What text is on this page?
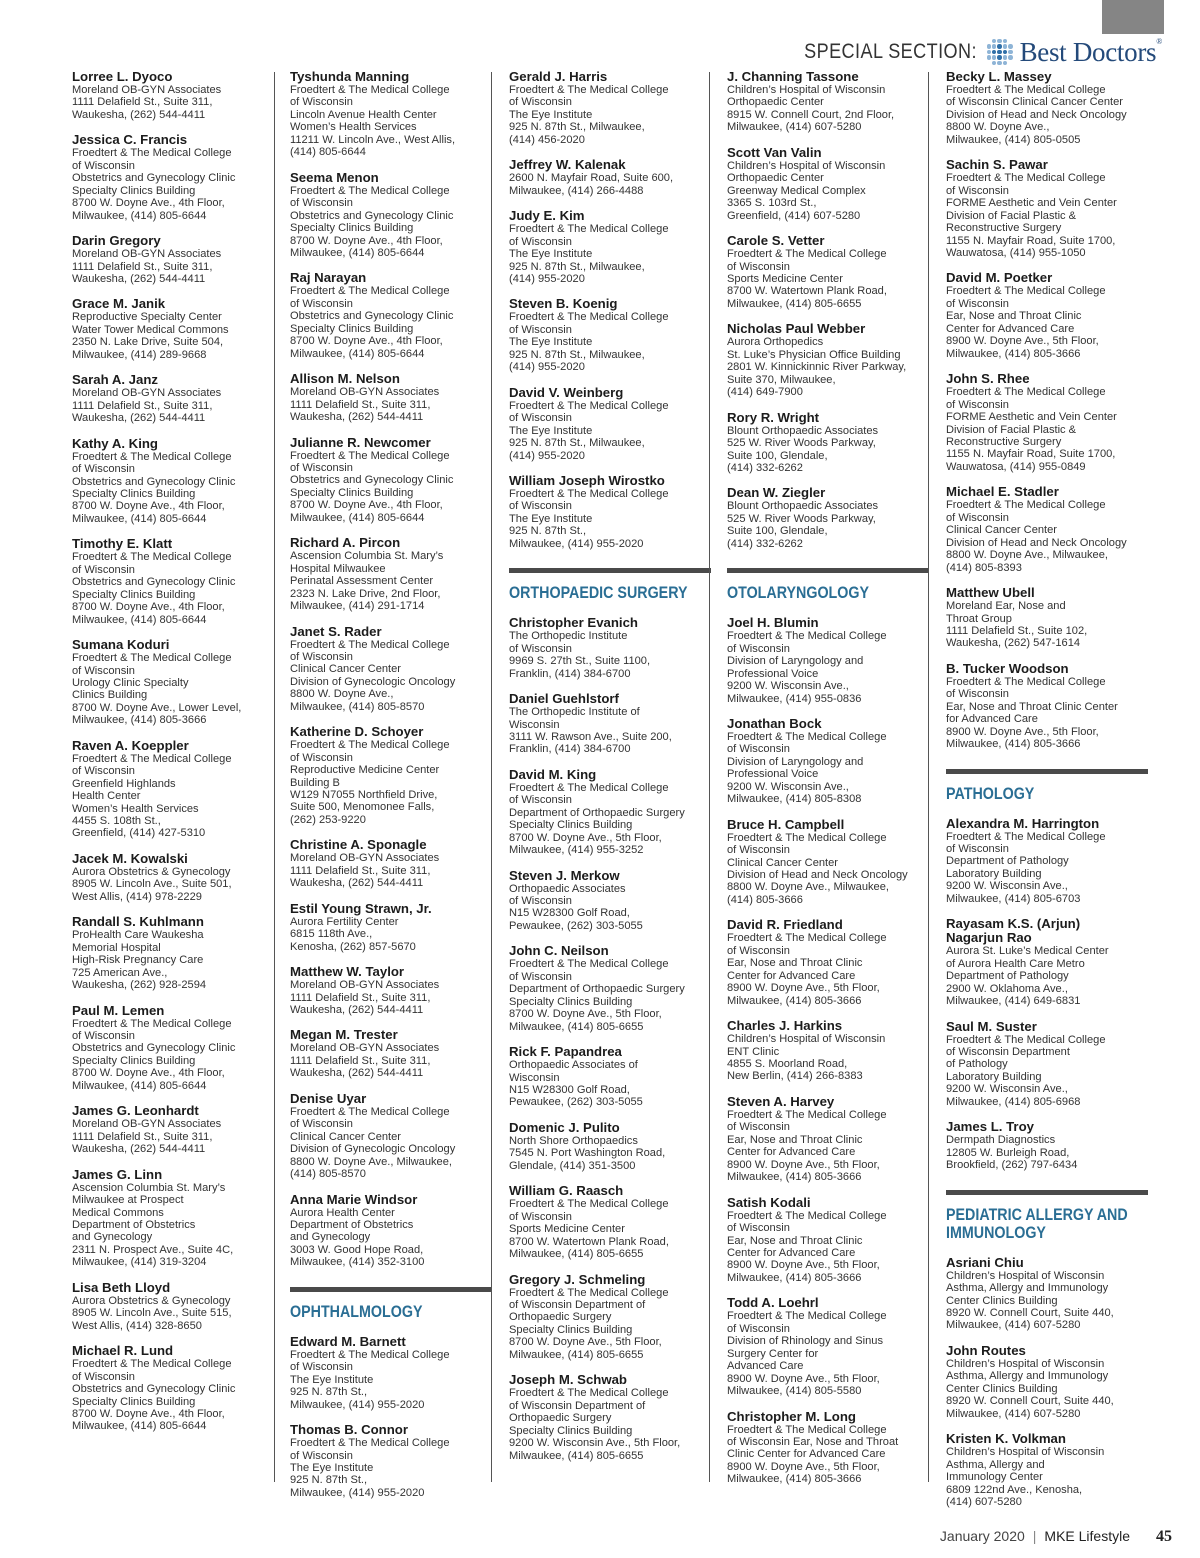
SPECIAL SECTION: Best Doctors®
Lorree L. Dyoco
Moreland OB-GYN Associates
1111 Delafield St., Suite 311,
Waukesha, (262) 544-4411
Jessica C. Francis
Froedtert & The Medical College
of Wisconsin
Obstetrics and Gynecology Clinic
Specialty Clinics Building
8700 W. Doyne Ave., 4th Floor,
Milwaukee, (414) 805-6644
Darin Gregory
Moreland OB-GYN Associates
1111 Delafield St., Suite 311,
Waukesha, (262) 544-4411
Grace M. Janik
Reproductive Specialty Center
Water Tower Medical Commons
2350 N. Lake Drive, Suite 504,
Milwaukee, (414) 289-9668
Sarah A. Janz
Moreland OB-GYN Associates
1111 Delafield St., Suite 311,
Waukesha, (262) 544-4411
Kathy A. King
Froedtert & The Medical College
of Wisconsin
Obstetrics and Gynecology Clinic
Specialty Clinics Building
8700 W. Doyne Ave., 4th Floor,
Milwaukee, (414) 805-6644
Timothy E. Klatt
Froedtert & The Medical College
of Wisconsin
Obstetrics and Gynecology Clinic
Specialty Clinics Building
8700 W. Doyne Ave., 4th Floor,
Milwaukee, (414) 805-6644
Sumana Koduri
Froedtert & The Medical College
of Wisconsin
Urology Clinic Specialty
Clinics Building
8700 W. Doyne Ave., Lower Level,
Milwaukee, (414) 805-3666
Raven A. Koeppler
Froedtert & The Medical College
of Wisconsin
Greenfield Highlands
Health Center
Women’s Health Services
4455 S. 108th St.,
Greenfield, (414) 427-5310
Jacek M. Kowalski
Aurora Obstetrics & Gynecology
8905 W. Lincoln Ave., Suite 501,
West Allis, (414) 978-2229
Randall S. Kuhlmann
ProHealth Care Waukesha
Memorial Hospital
High-Risk Pregnancy Care
725 American Ave.,
Waukesha, (262) 928-2594
Paul M. Lemen
Froedtert & The Medical College
of Wisconsin
Obstetrics and Gynecology Clinic
Specialty Clinics Building
8700 W. Doyne Ave., 4th Floor,
Milwaukee, (414) 805-6644
James G. Leonhardt
Moreland OB-GYN Associates
1111 Delafield St., Suite 311,
Waukesha, (262) 544-4411
James G. Linn
Ascension Columbia St. Mary’s
Milwaukee at Prospect
Medical Commons
Department of Obstetrics
and Gynecology
2311 N. Prospect Ave., Suite 4C,
Milwaukee, (414) 319-3204
Lisa Beth Lloyd
Aurora Obstetrics & Gynecology
8905 W. Lincoln Ave., Suite 515,
West Allis, (414) 328-8650
Michael R. Lund
Froedtert & The Medical College
of Wisconsin
Obstetrics and Gynecology Clinic
Specialty Clinics Building
8700 W. Doyne Ave., 4th Floor,
Milwaukee, (414) 805-6644
Tyshunda Manning
Froedtert & The Medical College
of Wisconsin
Lincoln Avenue Health Center
Women’s Health Services
11211 W. Lincoln Ave., West Allis,
(414) 805-6644
Seema Menon
Froedtert & The Medical College
of Wisconsin
Obstetrics and Gynecology Clinic
Specialty Clinics Building
8700 W. Doyne Ave., 4th Floor,
Milwaukee, (414) 805-6644
Raj Narayan
Froedtert & The Medical College
of Wisconsin
Obstetrics and Gynecology Clinic
Specialty Clinics Building
8700 W. Doyne Ave., 4th Floor,
Milwaukee, (414) 805-6644
Allison M. Nelson
Moreland OB-GYN Associates
1111 Delafield St., Suite 311,
Waukesha, (262) 544-4411
Julianne R. Newcomer
Froedtert & The Medical College
of Wisconsin
Obstetrics and Gynecology Clinic
Specialty Clinics Building
8700 W. Doyne Ave., 4th Floor,
Milwaukee, (414) 805-6644
Richard A. Pircon
Ascension Columbia St. Mary’s
Hospital Milwaukee
Perinatal Assessment Center
2323 N. Lake Drive, 2nd Floor,
Milwaukee, (414) 291-1714
Janet S. Rader
Froedtert & The Medical College
of Wisconsin
Clinical Cancer Center
Division of Gynecologic Oncology
8800 W. Doyne Ave.,
Milwaukee, (414) 805-8570
Katherine D. Schoyer
Froedtert & The Medical College
of Wisconsin
Reproductive Medicine Center
Building B
W129 N7055 Northfield Drive,
Suite 500, Menomonee Falls,
(262) 253-9220
Christine A. Sponagle
Moreland OB-GYN Associates
1111 Delafield St., Suite 311,
Waukesha, (262) 544-4411
Estil Young Strawn, Jr.
Aurora Fertility Center
6815 118th Ave.,
Kenosha, (262) 857-5670
Matthew W. Taylor
Moreland OB-GYN Associates
1111 Delafield St., Suite 311,
Waukesha, (262) 544-4411
Megan M. Trester
Moreland OB-GYN Associates
1111 Delafield St., Suite 311,
Waukesha, (262) 544-4411
Denise Uyar
Froedtert & The Medical College
of Wisconsin
Clinical Cancer Center
Division of Gynecologic Oncology
8800 W. Doyne Ave., Milwaukee,
(414) 805-8570
Anna Marie Windsor
Aurora Health Center
Department of Obstetrics
and Gynecology
3003 W. Good Hope Road,
Milwaukee, (414) 352-3100
OPHTHALMOLOGY
Edward M. Barnett
Froedtert & The Medical College
of Wisconsin
The Eye Institute
925 N. 87th St.,
Milwaukee, (414) 955-2020
Thomas B. Connor
Froedtert & The Medical College
of Wisconsin
The Eye Institute
925 N. 87th St.,
Milwaukee, (414) 955-2020
Gerald J. Harris
Froedtert & The Medical College
of Wisconsin
The Eye Institute
925 N. 87th St., Milwaukee,
(414) 456-2020
Jeffrey W. Kalenak
2600 N. Mayfair Road, Suite 600,
Milwaukee, (414) 266-4488
Judy E. Kim
Froedtert & The Medical College
of Wisconsin
The Eye Institute
925 N. 87th St., Milwaukee,
(414) 955-2020
Steven B. Koenig
Froedtert & The Medical College
of Wisconsin
The Eye Institute
925 N. 87th St., Milwaukee,
(414) 955-2020
David V. Weinberg
Froedtert & The Medical College
of Wisconsin
The Eye Institute
925 N. 87th St., Milwaukee,
(414) 955-2020
William Joseph Wirostko
Froedtert & The Medical College
of Wisconsin
The Eye Institute
925 N. 87th St.,
Milwaukee, (414) 955-2020
ORTHOPAEDIC SURGERY
Christopher Evanich
The Orthopedic Institute
of Wisconsin
9969 S. 27th St., Suite 1100,
Franklin, (414) 384-6700
Daniel Guehlstorf
The Orthopedic Institute of
Wisconsin
3111 W. Rawson Ave., Suite 200,
Franklin, (414) 384-6700
David M. King
Froedtert & The Medical College
of Wisconsin
Department of Orthopaedic Surgery
Specialty Clinics Building
8700 W. Doyne Ave., 5th Floor,
Milwaukee, (414) 955-3252
Steven J. Merkow
Orthopaedic Associates
of Wisconsin
N15 W28300 Golf Road,
Pewaukee, (262) 303-5055
John C. Neilson
Froedtert & The Medical College
of Wisconsin
Department of Orthopaedic Surgery
Specialty Clinics Building
8700 W. Doyne Ave., 5th Floor,
Milwaukee, (414) 805-6655
Rick F. Papandrea
Orthopaedic Associates of
Wisconsin
N15 W28300 Golf Road,
Pewaukee, (262) 303-5055
Domenic J. Pulito
North Shore Orthopaedics
7545 N. Port Washington Road,
Glendale, (414) 351-3500
William G. Raasch
Froedtert & The Medical College
of Wisconsin
Sports Medicine Center
8700 W. Watertown Plank Road,
Milwaukee, (414) 805-6655
Gregory J. Schmeling
Froedtert & The Medical College
of Wisconsin Department of
Orthopaedic Surgery
Specialty Clinics Building
8700 W. Doyne Ave., 5th Floor,
Milwaukee, (414) 805-6655
Joseph M. Schwab
Froedtert & The Medical College
of Wisconsin Department of
Orthopaedic Surgery
Specialty Clinics Building
9200 W. Wisconsin Ave., 5th Floor,
Milwaukee, (414) 805-6655
J. Channing Tassone
Children’s Hospital of Wisconsin
Orthopaedic Center
8915 W. Connell Court, 2nd Floor,
Milwaukee, (414) 607-5280
Scott Van Valin
Children’s Hospital of Wisconsin
Orthopaedic Center
Greenway Medical Complex
3365 S. 103rd St.,
Greenfield, (414) 607-5280
Carole S. Vetter
Froedtert & The Medical College
of Wisconsin
Sports Medicine Center
8700 W. Watertown Plank Road,
Milwaukee, (414) 805-6655
Nicholas Paul Webber
Aurora Orthopedics
St. Luke’s Physician Office Building
2801 W. Kinnickinnic River Parkway,
Suite 370, Milwaukee,
(414) 649-7900
Rory R. Wright
Blount Orthopaedic Associates
525 W. River Woods Parkway,
Suite 100, Glendale,
(414) 332-6262
Dean W. Ziegler
Blount Orthopaedic Associates
525 W. River Woods Parkway,
Suite 100, Glendale,
(414) 332-6262
OTOLARYNGOLOGY
Joel H. Blumin
Froedtert & The Medical College
of Wisconsin
Division of Laryngology and
Professional Voice
9200 W. Wisconsin Ave.,
Milwaukee, (414) 955-0836
Jonathan Bock
Froedtert & The Medical College
of Wisconsin
Division of Laryngology and
Professional Voice
9200 W. Wisconsin Ave.,
Milwaukee, (414) 805-8308
Bruce H. Campbell
Froedtert & The Medical College
of Wisconsin
Clinical Cancer Center
Division of Head and Neck Oncology
8800 W. Doyne Ave., Milwaukee,
(414) 805-3666
David R. Friedland
Froedtert & The Medical College
of Wisconsin
Ear, Nose and Throat Clinic
Center for Advanced Care
8900 W. Doyne Ave., 5th Floor,
Milwaukee, (414) 805-3666
Charles J. Harkins
Children’s Hospital of Wisconsin
ENT Clinic
4855 S. Moorland Road,
New Berlin, (414) 266-8383
Steven A. Harvey
Froedtert & The Medical College
of Wisconsin
Ear, Nose and Throat Clinic
Center for Advanced Care
8900 W. Doyne Ave., 5th Floor,
Milwaukee, (414) 805-3666
Satish Kodali
Froedtert & The Medical College
of Wisconsin
Ear, Nose and Throat Clinic
Center for Advanced Care
8900 W. Doyne Ave., 5th Floor,
Milwaukee, (414) 805-3666
Todd A. Loehrl
Froedtert & The Medical College
of Wisconsin
Division of Rhinology and Sinus
Surgery Center for
Advanced Care
8900 W. Doyne Ave., 5th Floor,
Milwaukee, (414) 805-5580
Christopher M. Long
Froedtert & The Medical College
of Wisconsin Ear, Nose and Throat
Clinic Center for Advanced Care
8900 W. Doyne Ave., 5th Floor,
Milwaukee, (414) 805-3666
Becky L. Massey
Froedtert & The Medical College
of Wisconsin Clinical Cancer Center
Division of Head and Neck Oncology
8800 W. Doyne Ave.,
Milwaukee, (414) 805-0505
Sachin S. Pawar
Froedtert & The Medical College
of Wisconsin
FORME Aesthetic and Vein Center
Division of Facial Plastic &
Reconstructive Surgery
1155 N. Mayfair Road, Suite 1700,
Wauwatosa, (414) 955-1050
David M. Poetker
Froedtert & The Medical College
of Wisconsin
Ear, Nose and Throat Clinic
Center for Advanced Care
8900 W. Doyne Ave., 5th Floor,
Milwaukee, (414) 805-3666
John S. Rhee
Froedtert & The Medical College
of Wisconsin
FORME Aesthetic and Vein Center
Division of Facial Plastic &
Reconstructive Surgery
1155 N. Mayfair Road, Suite 1700,
Wauwatosa, (414) 955-0849
Michael E. Stadler
Froedtert & The Medical College
of Wisconsin
Clinical Cancer Center
Division of Head and Neck Oncology
8800 W. Doyne Ave., Milwaukee,
(414) 805-8393
Matthew Ubell
Moreland Ear, Nose and
Throat Group
1111 Delafield St., Suite 102,
Waukesha, (262) 547-1614
B. Tucker Woodson
Froedtert & The Medical College
of Wisconsin
Ear, Nose and Throat Clinic Center
for Advanced Care
8900 W. Doyne Ave., 5th Floor,
Milwaukee, (414) 805-3666
PATHOLOGY
Alexandra M. Harrington
Froedtert & The Medical College
of Wisconsin
Department of Pathology
Laboratory Building
9200 W. Wisconsin Ave.,
Milwaukee, (414) 805-6703
Rayasam K.S. (Arjun) Nagarjun Rao
Aurora St. Luke’s Medical Center
of Aurora Health Care Metro
Department of Pathology
2900 W. Oklahoma Ave.,
Milwaukee, (414) 649-6831
Saul M. Suster
Froedtert & The Medical College
of Wisconsin Department
of Pathology
Laboratory Building
9200 W. Wisconsin Ave.,
Milwaukee, (414) 805-6968
James L. Troy
Dermpath Diagnostics
12805 W. Burleigh Road,
Brookfield, (262) 797-6434
PEDIATRIC ALLERGY AND IMMUNOLOGY
Asriani Chiu
Children’s Hospital of Wisconsin
Asthma, Allergy and Immunology
Center Clinics Building
8920 W. Connell Court, Suite 440,
Milwaukee, (414) 607-5280
John Routes
Children’s Hospital of Wisconsin
Asthma, Allergy and Immunology
Center Clinics Building
8920 W. Connell Court, Suite 440,
Milwaukee, (414) 607-5280
Kristen K. Volkman
Children’s Hospital of Wisconsin
Asthma, Allergy and
Immunology Center
6809 122nd Ave., Kenosha,
(414) 607-5280
January 2020 | MKE Lifestyle 45
